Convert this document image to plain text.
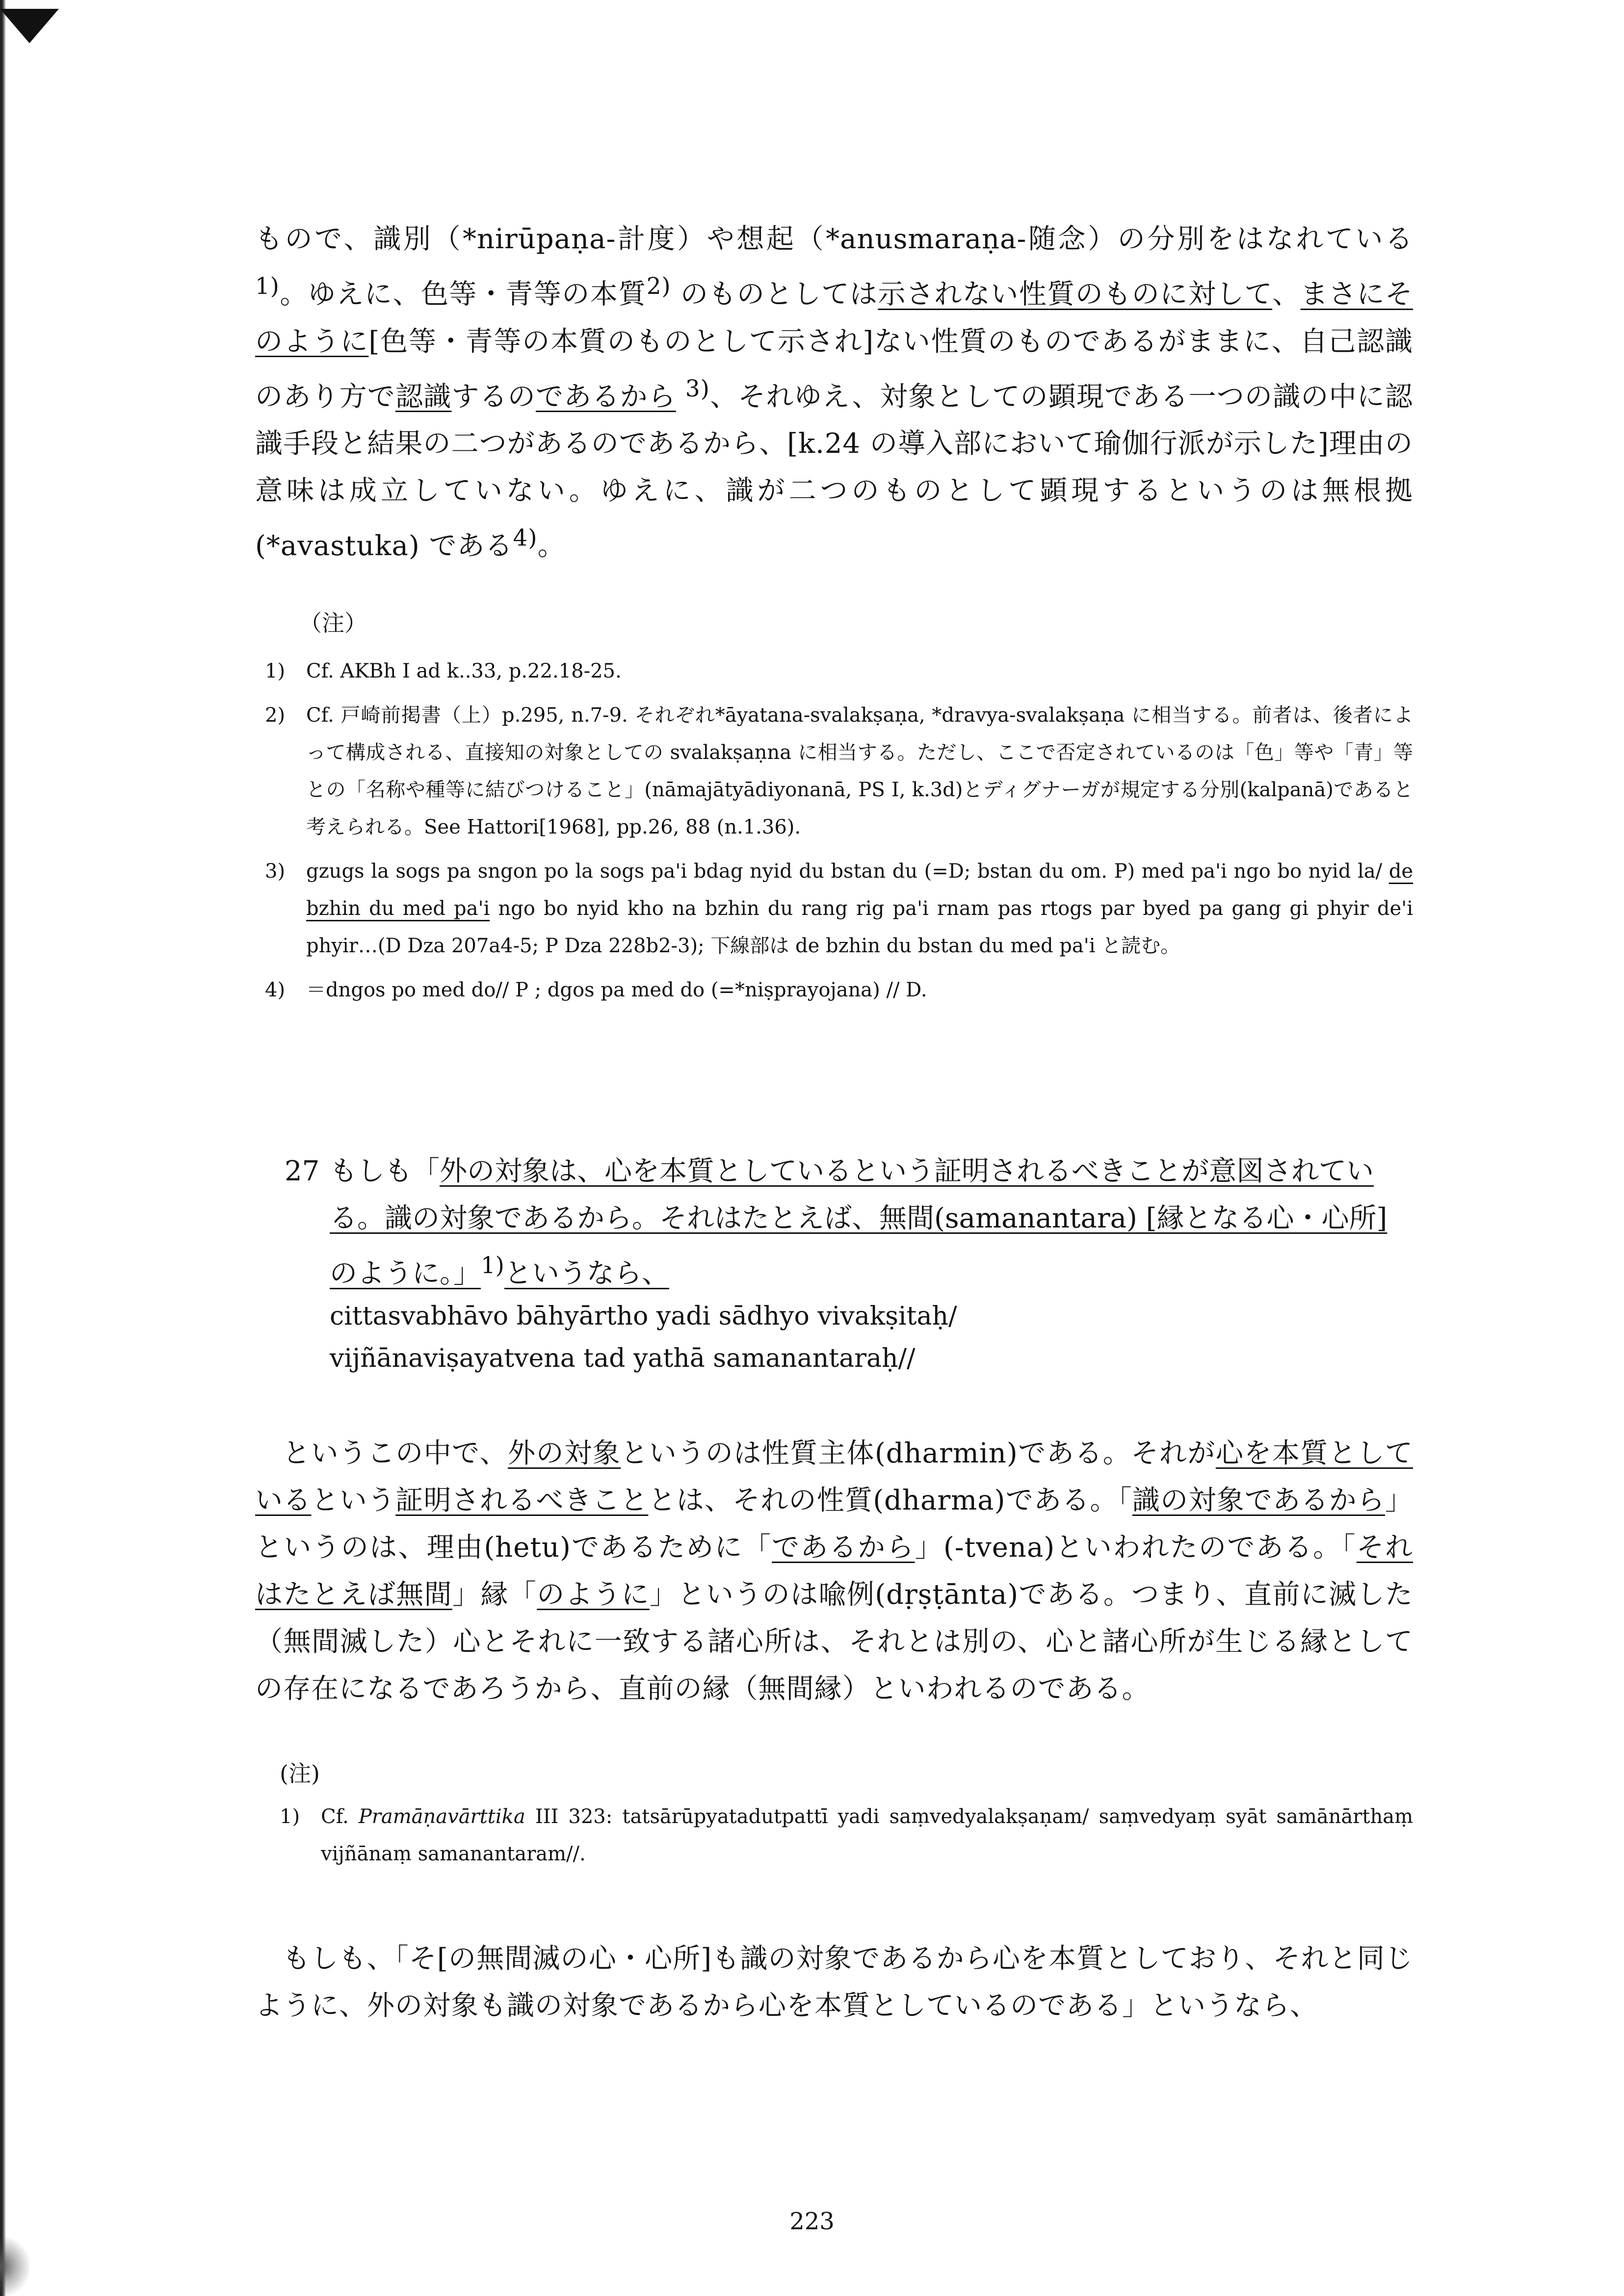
もので、識別（*nirūpaṇa-計度）や想起（*anusmaraṇa-随念）の分別をはなれている $^{1)}$。ゆえに、色等・青等の本質$^{2)}$ のものとしては示されない性質のものに対して、まさにそのように[色等・青等の本質のものとして示され]ない性質のものであるがままに、自己認識のあり方で認識するのであるから $^{3)}$、それゆえ、対象としての顕現である一つの識の中に認識手段と結果の二つがあるのであるから、[k.24 の導入部において瑜伽行派が示した]理由の意味は成立していない。ゆえに、識が二つのものとして顕現するというのは無根拠(*avastuka) である$^{4)}$。

（注）
1)	Cf. AKBh I ad k..33, p.22.18-25.
2)	Cf. 戸崎前掲書（上）p.295, n.7-9. それぞれ*āyatana-svalakṣaṇa, *dravya-svalakṣaṇa に相当する。前者は、後者によって構成される、直接知の対象としての svalakṣaṇna に相当する。ただし、ここで否定されているのは「色」等や「青」等との「名称や種等に結びつけること」(nāmajātyādiyonanā, PS I, k.3d)とディグナーガが規定する分別(kalpanā)であると考えられる。See Hattori[1968], pp.26, 88 (n.1.36).
3)	gzugs la sogs pa sngon po la sogs pa'i bdag nyid du bstan du (=D; bstan du om. P) med pa'i ngo bo nyid la/ de bzhin du med pa'i ngo bo nyid kho na bzhin du rang rig pa'i rnam pas rtogs par byed pa gang gi phyir de'i phyir…(D Dza 207a4-5; P Dza 228b2-3); 下線部は de bzhin du bstan du med pa'i と読む。
4)	＝dngos po med do// P ; dgos pa med do (=*niṣprayojana) // D.
27 もしも「外の対象は、心を本質としているという証明されるべきことが意図されている。識の対象であるから。それはたとえば、無間(samanantara) [縁となる心・心所]のように。」$^{1)}$というなら、
cittasvabhāvo bāhyārtho yadi sādhyo vivakṣitaḥ/
vijñānaviṣayatvena tad yathā samanantaraḥ//

というこの中で、外の対象というのは性質主体(dharmin)である。それが心を本質としているという証明されるべきこととは、それの性質(dharma)である。「識の対象であるから」というのは、理由(hetu)であるために「であるから」(-tvena)といわれたのである。「それはたとえば無間」縁「のように」というのは喩例(dṛṣṭānta)である。つまり、直前に滅した（無間滅した）心とそれに一致する諸心所は、それとは別の、心と諸心所が生じる縁としての存在になるであろうから、直前の縁（無間縁）といわれるのである。

(注)
1)	Cf. Pramāṇavārttika III 323: tatsārūpyatadutpattī yadi saṃvedyalakṣaṇam/ saṃvedyaṃ syāt samānārthaṃ vijñānaṃ samanantaram//.

もしも、「そ[の無間滅の心・心所]も識の対象であるから心を本質としており、それと同じように、外の対象も識の対象であるから心を本質としているのである」というなら、

223
